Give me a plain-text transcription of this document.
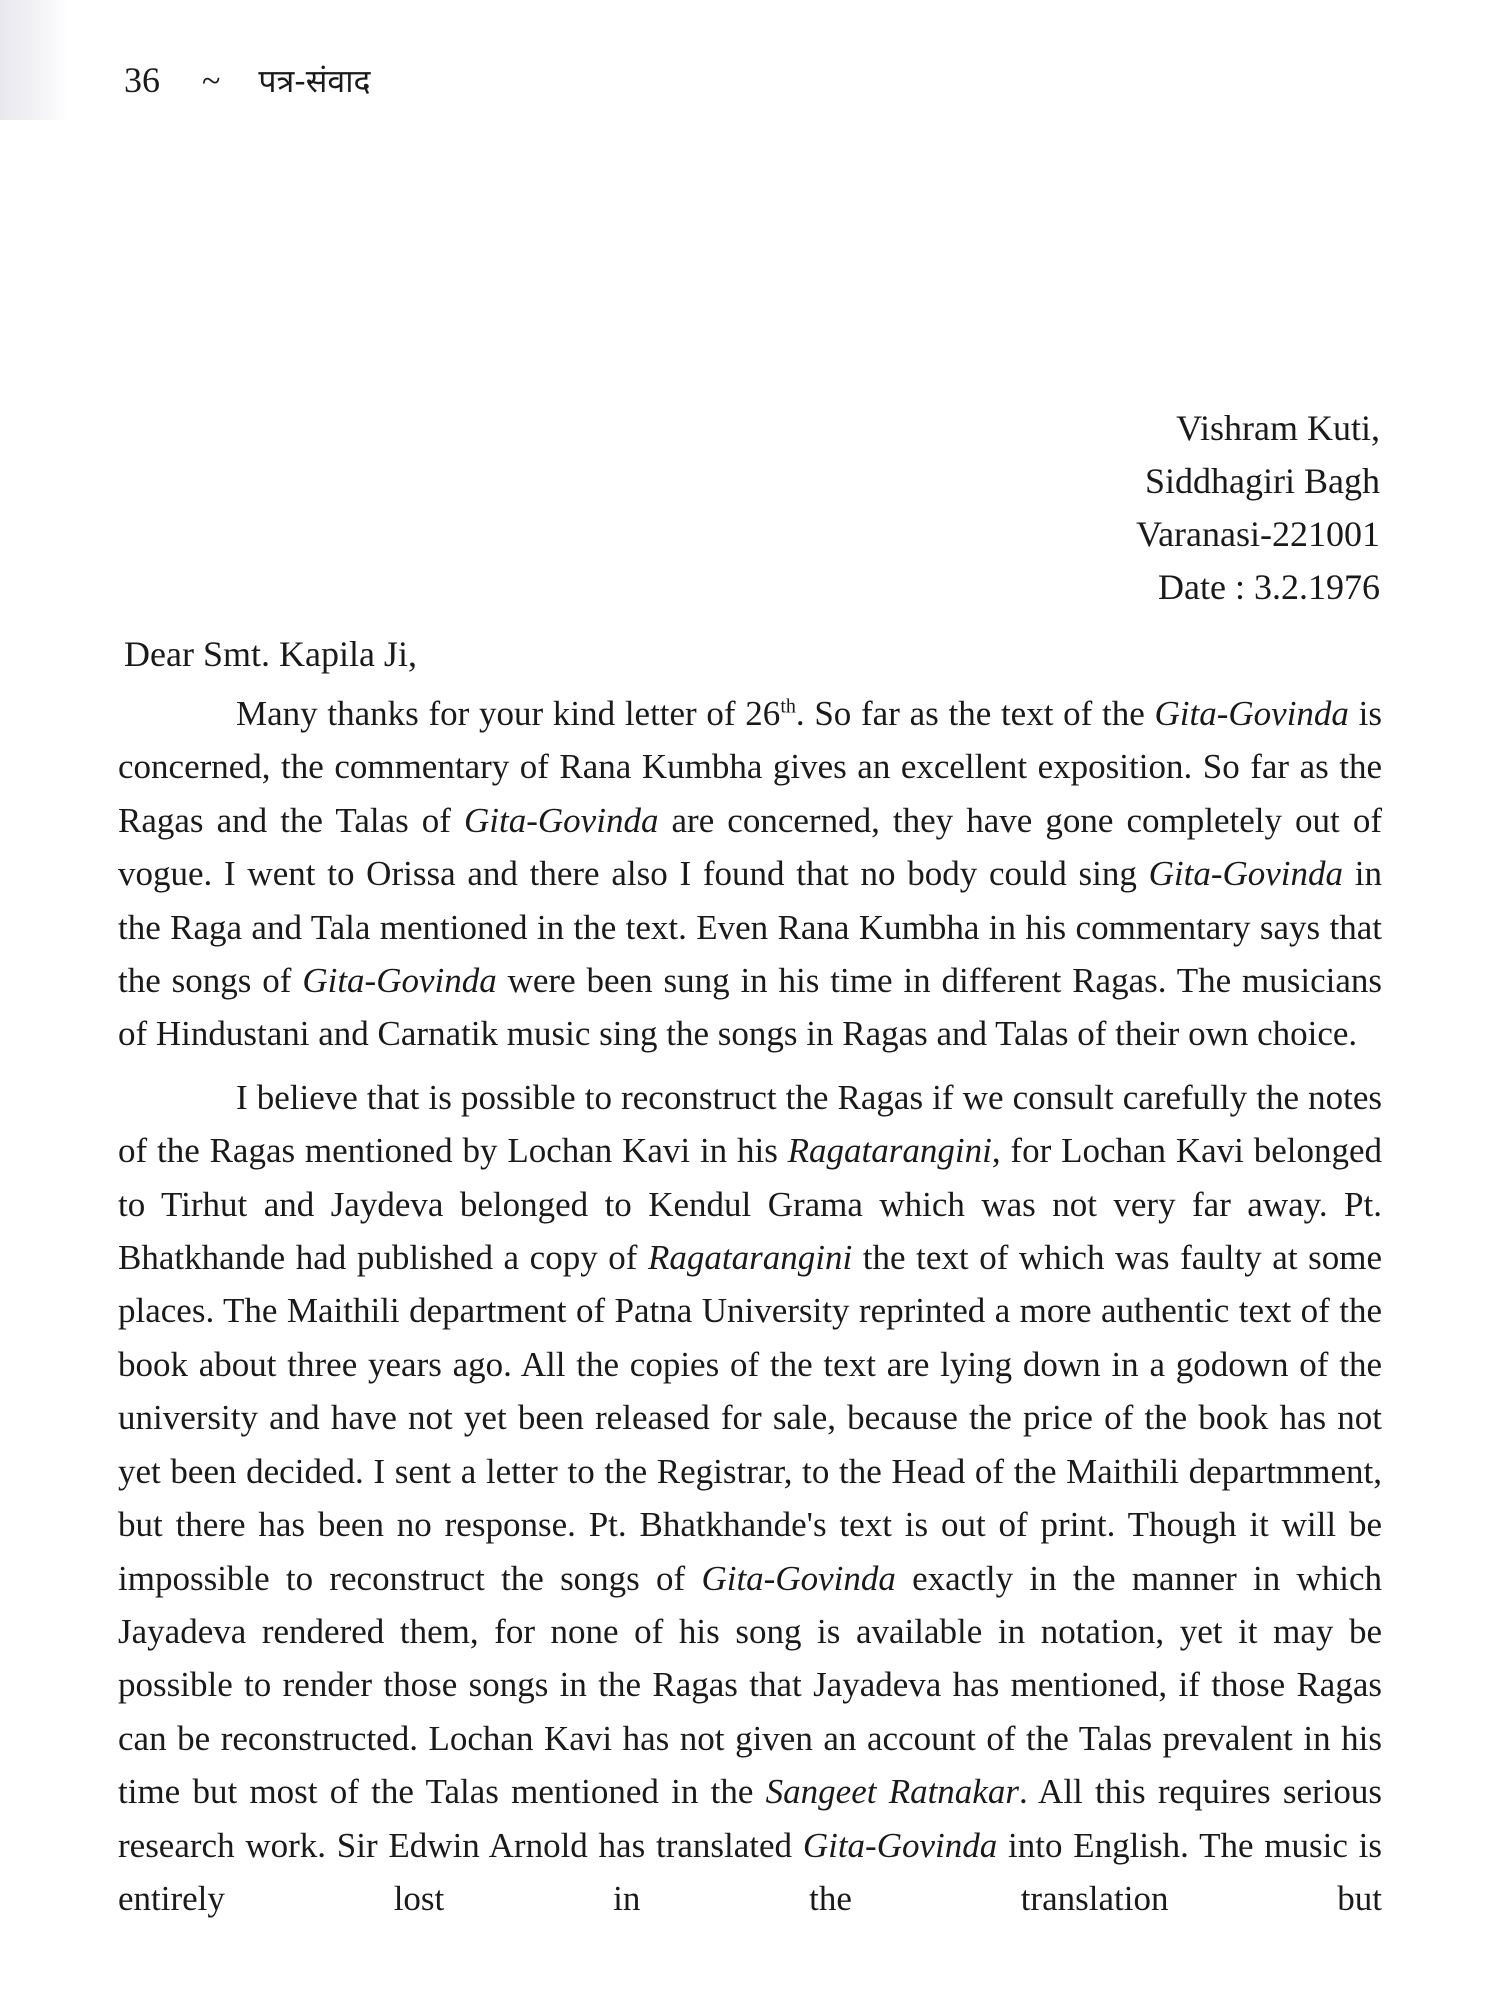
36 ~ पत्र-संवाद
Vishram Kuti,
Siddhagiri Bagh
Varanasi-221001
Date : 3.2.1976
Dear Smt. Kapila Ji,

Many thanks for your kind letter of 26th. So far as the text of the Gita-Govinda is concerned, the commentary of Rana Kumbha gives an excellent exposition. So far as the Ragas and the Talas of Gita-Govinda are concerned, they have gone completely out of vogue. I went to Orissa and there also I found that no body could sing Gita-Govinda in the Raga and Tala mentioned in the text. Even Rana Kumbha in his commentary says that the songs of Gita-Govinda were been sung in his time in different Ragas. The musicians of Hindustani and Carnatik music sing the songs in Ragas and Talas of their own choice.

I believe that is possible to reconstruct the Ragas if we consult carefully the notes of the Ragas mentioned by Lochan Kavi in his Ragatarangini, for Lochan Kavi belonged to Tirhut and Jaydeva belonged to Kendul Grama which was not very far away. Pt. Bhatkhande had published a copy of Ragatarangini the text of which was faulty at some places. The Maithili department of Patna University reprinted a more authentic text of the book about three years ago. All the copies of the text are lying down in a godown of the university and have not yet been released for sale, because the price of the book has not yet been decided. I sent a letter to the Registrar, to the Head of the Maithili departmment, but there has been no response. Pt. Bhatkhande's text is out of print. Though it will be impossible to reconstruct the songs of Gita-Govinda exactly in the manner in which Jayadeva rendered them, for none of his song is available in notation, yet it may be possible to render those songs in the Ragas that Jayadeva has mentioned, if those Ragas can be reconstructed. Lochan Kavi has not given an account of the Talas prevalent in his time but most of the Talas mentioned in the Sangeet Ratnakar. All this requires serious research work. Sir Edwin Arnold has translated Gita-Govinda into English. The music is entirely lost in the translation but
